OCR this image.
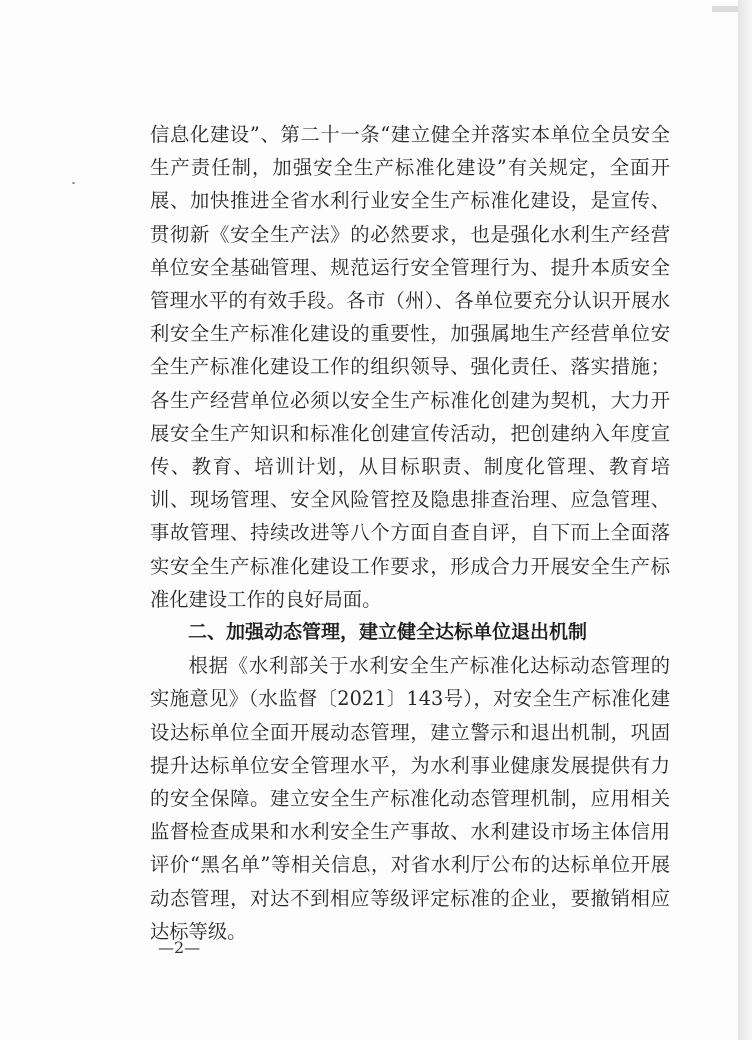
信息化建设”、第二十一条“建立健全并落实本单位全员安全生产责任制，加强安全生产标准化建设”有关规定，全面开展、加快推进全省水利行业安全生产标准化建设，是宣传、贯彻新《安全生产法》的必然要求，也是强化水利生产经营单位安全基础管理、规范运行安全管理行为、提升本质安全管理水平的有效手段。各市（州）、各单位要充分认识开展水利安全生产标准化建设的重要性，加强属地生产经营单位安全生产标准化建设工作的组织领导、强化责任、落实措施；各生产经营单位必须以安全生产标准化创建为契机，大力开展安全生产知识和标准化创建宣传活动，把创建纳入年度宣传、教育、培训计划，从目标职责、制度化管理、教育培训、现场管理、安全风险管控及隐患排查治理、应急管理、事故管理、持续改进等八个方面自查自评，自下而上全面落实安全生产标准化建设工作要求，形成合力开展安全生产标准化建设工作的良好局面。

二、加强动态管理，建立健全达标单位退出机制

根据《水利部关于水利安全生产标准化达标动态管理的实施意见》（水监督〔2021〕143号），对安全生产标准化建设达标单位全面开展动态管理，建立警示和退出机制，巩固提升达标单位安全管理水平，为水利事业健康发展提供有力的安全保障。建立安全生产标准化动态管理机制，应用相关监督检查成果和水利安全生产事故、水利建设市场主体信用评价“黑名单”等相关信息，对省水利厅公布的达标单位开展动态管理，对达不到相应等级评定标准的企业，要撤销相应达标等级。

—2—
